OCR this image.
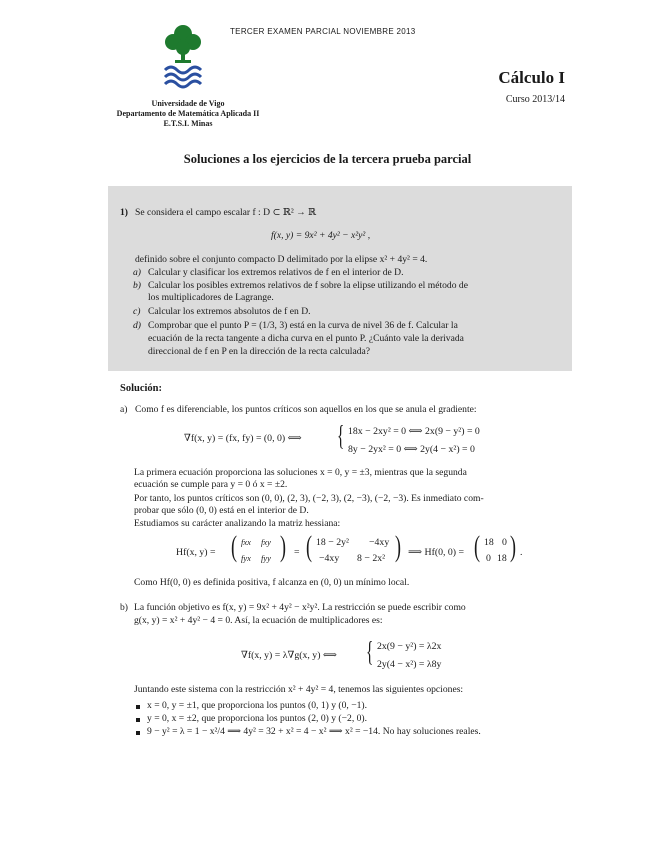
TERCER EXAMEN PARCIAL NOVIEMBRE 2013
Cálculo I
Curso 2013/14
Universidade de Vigo
Departamento de Matemática Aplicada II
E.T.S.I. Minas
Soluciones a los ejercicios de la tercera prueba parcial
1) Se considera el campo escalar f : D ⊂ ℝ² → ℝ
f(x, y) = 9x² + 4y² − x²y² ,
definido sobre el conjunto compacto D delimitado por la elipse x² + 4y² = 4.
a) Calcular y clasificar los extremos relativos de f en el interior de D.
b) Calcular los posibles extremos relativos de f sobre la elipse utilizando el método de
los multiplicadores de Lagrange.
c) Calcular los extremos absolutos de f en D.
d) Comprobar que el punto P = (1/3, 3) está en la curva de nivel 36 de f. Calcular la
ecuación de la recta tangente a dicha curva en el punto P. ¿Cuánto vale la derivada
direccional de f en P en la dirección de la recta calculada?
Solución:
a) Como f es diferenciable, los puntos críticos son aquellos en los que se anula el gradiente:
∇f(x, y) = (fx, fy) = (0, 0) ⟺ { 18x − 2xy² = 0 ⟺ 2x(9 − y²) = 0
8y − 2yx² = 0 ⟺ 2y(4 − x²) = 0
La primera ecuación proporciona las soluciones x = 0, y = ±3, mientras que la segunda
ecuación se cumple para y = 0 ó x = ±2.
Por tanto, los puntos críticos son (0, 0), (2, 3), (−2, 3), (2, −3), (−2, −3). Es inmediato com-
probar que sólo (0, 0) está en el interior de D.
Estudiamos su carácter analizando la matriz hessiana:
Hf(x, y) = ( fxx fxy
fyx fyy ) = ( 18 − 2y² −4xy
−4xy 8 − 2x² ) ⟹ Hf(0, 0) = ( 18 0
0 18 ) .
Como Hf(0, 0) es definida positiva, f alcanza en (0, 0) un mínimo local.
b) La función objetivo es f(x, y) = 9x² + 4y² − x²y². La restricción se puede escribir como
g(x, y) = x² + 4y² − 4 = 0. Así, la ecuación de multiplicadores es:
∇f(x, y) = λ∇g(x, y) ⟺ { 2x(9 − y²) = λ2x
2y(4 − x²) = λ8y
Juntando este sistema con la restricción x² + 4y² = 4, tenemos las siguientes opciones:
x = 0, y = ±1, que proporciona los puntos (0, 1) y (0, −1).
y = 0, x = ±2, que proporciona los puntos (2, 0) y (−2, 0).
9 − y² = λ = 1 − x²/4 ⟹ 4y² = 32 + x² = 4 − x² ⟹ x² = −14. No hay soluciones reales.
